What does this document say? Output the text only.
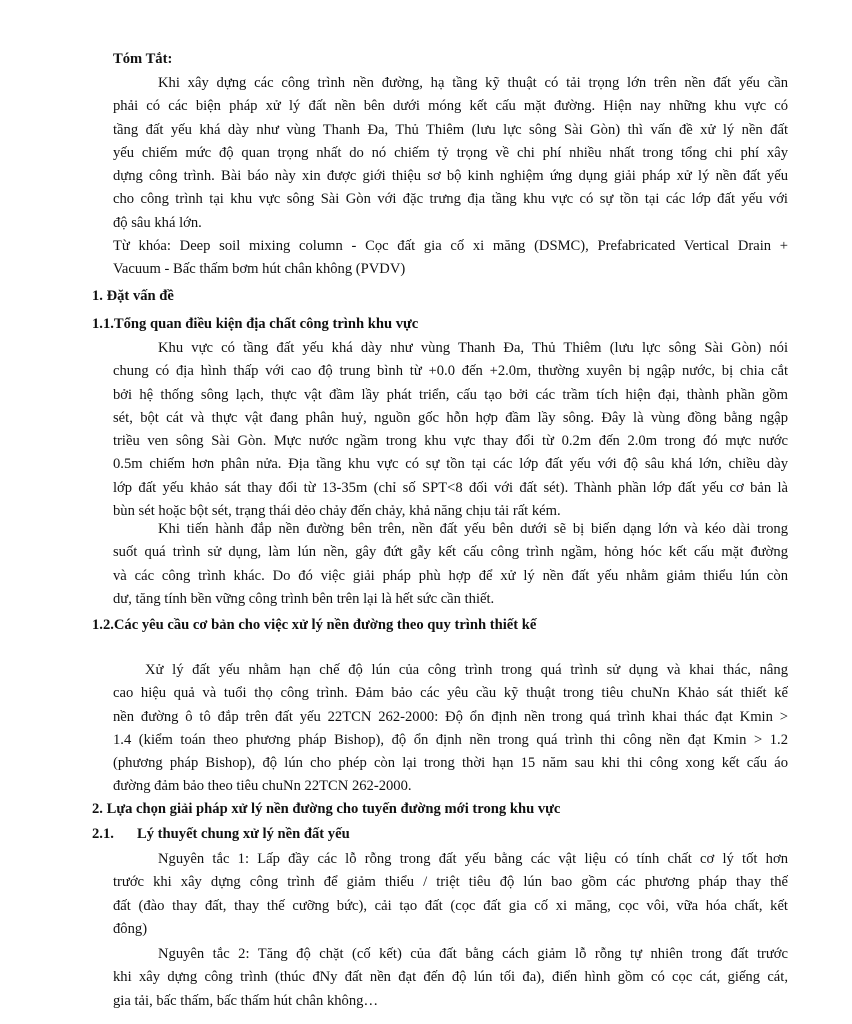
Tóm Tắt:
Khi xây dựng các công trình nền đường, hạ tầng kỹ thuật có tải trọng lớn trên nền đất yếu cần
phải có các biện pháp xử lý đất nền bên dưới móng kết cấu mặt đường. Hiện nay những khu vực có
tầng đất yếu khá dày như vùng Thanh Đa, Thủ Thiêm (lưu lực sông Sài Gòn) thì vấn đề xử lý nền đất
yếu chiếm mức độ quan trọng nhất do nó chiếm tỷ trọng về chi phí nhiều nhất trong tổng chi phí xây
dựng công trình. Bài báo này xin được giới thiệu sơ bộ kinh nghiệm ứng dụng giải pháp xử lý nền đất yếu
cho công trình tại khu vực sông Sài Gòn với đặc trưng địa tầng khu vực có sự tồn tại các lớp đất yếu với
độ sâu khá lớn.
Từ khóa: Deep soil mixing column - Cọc đất gia cố xi măng (DSMC), Prefabricated Vertical Drain +
Vacuum - Bấc thấm bơm hút chân không (PVDV)
1. Đặt vấn đề
1.1.Tổng quan điều kiện địa chất công trình khu vực
Khu vực có tầng đất yếu khá dày như vùng Thanh Đa, Thủ Thiêm (lưu lực sông Sài Gòn) nói
chung có địa hình thấp với cao độ trung bình từ +0.0 đến +2.0m, thường xuyên bị ngập nước, bị chia cắt
bởi hệ thống sông lạch, thực vật đầm lầy phát triển, cấu tạo bởi các trầm tích hiện đại, thành phần gồm
sét, bột cát và thực vật đang phân huỷ, nguồn gốc hỗn hợp đầm lầy sông. Đây là vùng đồng bằng ngập
triều ven sông Sài Gòn. Mực nước ngầm trong khu vực thay đổi từ 0.2m đến 2.0m trong đó mực nước
0.5m chiếm hơn phân nửa. Địa tầng khu vực có sự tồn tại các lớp đất yếu với độ sâu khá lớn, chiều dày
lớp đất yếu khảo sát thay đổi từ 13-35m (chỉ số SPT<8 đối với đất sét). Thành phần lớp đất yếu cơ bản là
bùn sét hoặc bột sét, trạng thái dẻo chảy đến chảy, khả năng chịu tải rất kém.
Khi tiến hành đắp nền đường bên trên, nền đất yếu bên dưới sẽ bị biến dạng lớn và kéo dài trong
suốt quá trình sử dụng, làm lún nền, gây đứt gẫy kết cấu công trình ngầm, hỏng hóc kết cấu mặt đường
và các công trình khác. Do đó việc giải pháp phù hợp để xử lý nền đất yếu nhằm giảm thiểu lún còn
dư, tăng tính bền vững công trình bên trên lại là hết sức cần thiết.
1.2.Các yêu cầu cơ bản cho việc xử lý nền đường theo quy trình thiết kế
Xử lý đất yếu nhằm hạn chế độ lún của công trình trong quá trình sử dụng và khai thác, nâng
cao hiệu quả và tuổi thọ công trình. Đảm bảo các yêu cầu kỹ thuật trong tiêu chuNn Khảo sát thiết kế
nền đường ô tô đắp trên đất yếu 22TCN 262-2000: Độ ổn định nền trong quá trình khai thác đạt Kmin >
1.4 (kiểm toán theo phương pháp Bishop), độ ổn định nền trong quá trình thi công nền đạt Kmin > 1.2
(phương pháp Bishop), độ lún cho phép còn lại trong thời hạn 15 năm sau khi thi công xong kết cấu áo
đường đảm bảo theo tiêu chuNn 22TCN 262-2000.
2. Lựa chọn giải pháp xử lý nền đường cho tuyến đường mới trong khu vực
2.1. Lý thuyết chung xử lý nền đất yếu
Nguyên tắc 1: Lấp đầy các lỗ rỗng trong đất yếu bằng các vật liệu có tính chất cơ lý tốt hơn
trước khi xây dựng công trình để giảm thiểu / triệt tiêu độ lún bao gồm các phương pháp thay thế
đất (đào thay đất, thay thế cưỡng bức), cải tạo đất (cọc đất gia cố xi măng, cọc vôi, vữa hóa chất, kết
đông)
Nguyên tắc 2: Tăng độ chặt (cố kết) của đất bằng cách giảm lỗ rỗng tự nhiên trong đất trước
khi xây dựng công trình (thúc đNy đất nền đạt đến độ lún tối đa), điển hình gồm có cọc cát, giếng cát,
gia tải, bấc thấm, bấc thấm hút chân không…
